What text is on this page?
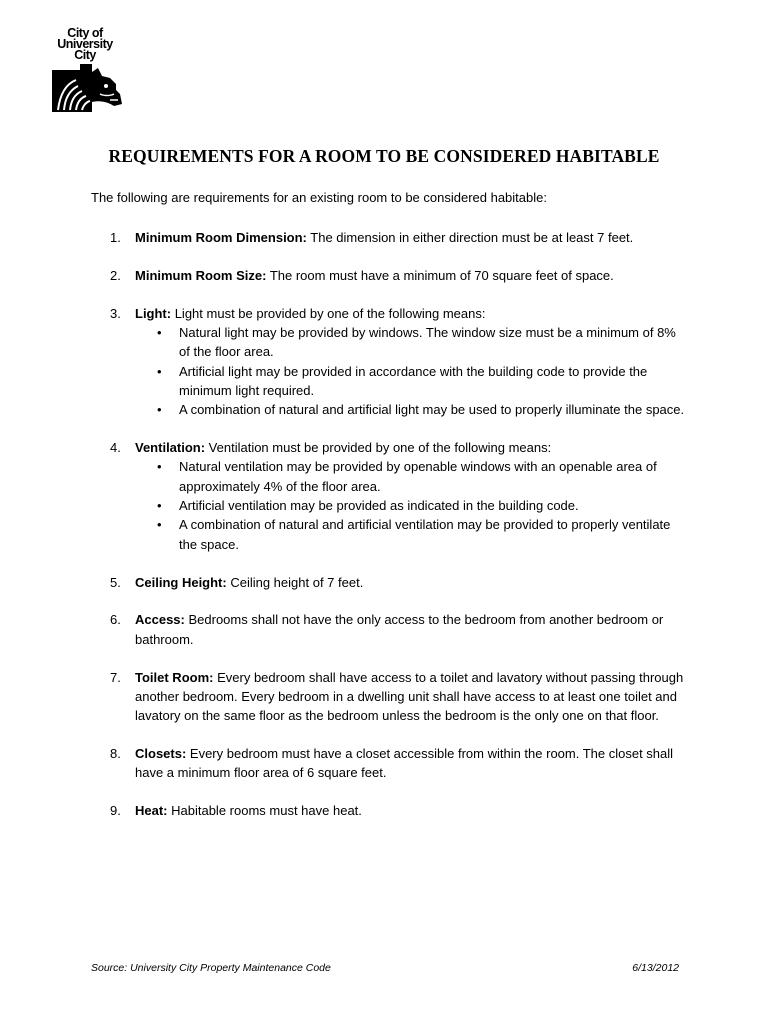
City of
University
City
REQUIREMENTS FOR A ROOM TO BE CONSIDERED HABITABLE
The following are requirements for an existing room to be considered habitable:
1.	Minimum Room Dimension: The dimension in either direction must be at least 7 feet.
2.	Minimum Room Size: The room must have a minimum of 70 square feet of space.
3.	Light: Light must be provided by one of the following means:
•	Natural light may be provided by windows. The window size must be a minimum of 8% of the floor area.
•	Artificial light may be provided in accordance with the building code to provide the minimum light required.
•	A combination of natural and artificial light may be used to properly illuminate the space.
4.	Ventilation: Ventilation must be provided by one of the following means:
•	Natural ventilation may be provided by openable windows with an openable area of approximately 4% of the floor area.
•	Artificial ventilation may be provided as indicated in the building code.
•	A combination of natural and artificial ventilation may be provided to properly ventilate the space.
5.	Ceiling Height: Ceiling height of 7 feet.
6.	Access: Bedrooms shall not have the only access to the bedroom from another bedroom or bathroom.
7.	Toilet Room: Every bedroom shall have access to a toilet and lavatory without passing through another bedroom. Every bedroom in a dwelling unit shall have access to at least one toilet and lavatory on the same floor as the bedroom unless the bedroom is the only one on that floor.
8.	Closets: Every bedroom must have a closet accessible from within the room. The closet shall have a minimum floor area of 6 square feet.
9.	Heat: Habitable rooms must have heat.
Source: University City Property Maintenance Code	6/13/2012
